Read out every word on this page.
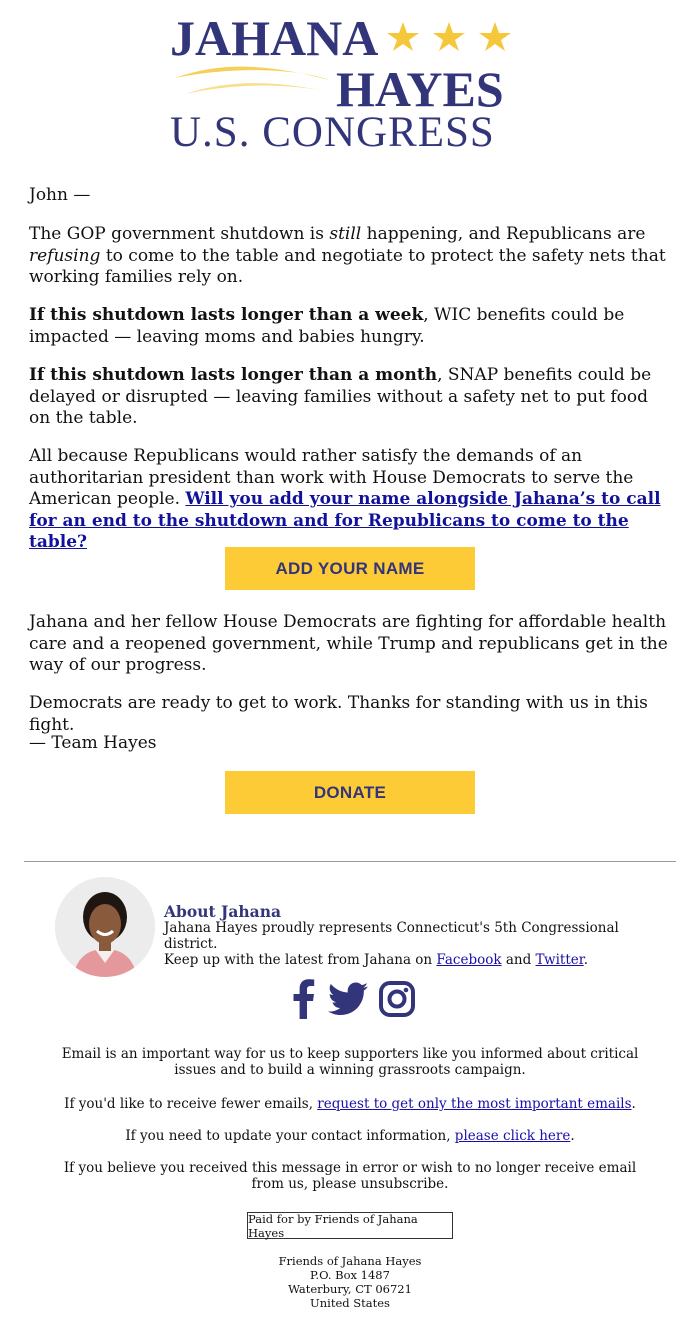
JAHANA
HAYES
U.S. CONGRESS

John —

The GOP government shutdown is still happening, and Republicans are refusing to come to the table and negotiate to protect the safety nets that working families rely on.

If this shutdown lasts longer than a week, WIC benefits could be impacted — leaving moms and babies hungry.

If this shutdown lasts longer than a month, SNAP benefits could be delayed or disrupted — leaving families without a safety net to put food on the table.

All because Republicans would rather satisfy the demands of an authoritarian president than work with House Democrats to serve the American people. Will you add your name alongside Jahana’s to call for an end to the shutdown and for Republicans to come to the table?

Jahana and her fellow House Democrats are fighting for affordable health care and a reopened government, while Trump and republicans get in the way of our progress.

Democrats are ready to get to work. Thanks for standing with us in this fight.

— Team Hayes

ADD YOUR NAME
DONATE
About Jahana
Jahana Hayes proudly represents Connecticut's 5th Congressional district.
Keep up with the latest from Jahana on Facebook and Twitter.

Email is an important way for us to keep supporters like you informed about critical issues and to build a winning grassroots campaign.

If you'd like to receive fewer emails, request to get only the most important emails.

If you need to update your contact information, please click here.

If you believe you received this message in error or wish to no longer receive email from us, please unsubscribe.

Paid for by Friends of Jahana Hayes
Friends of Jahana Hayes
P.O. Box 1487
Waterbury, CT 06721
United States
